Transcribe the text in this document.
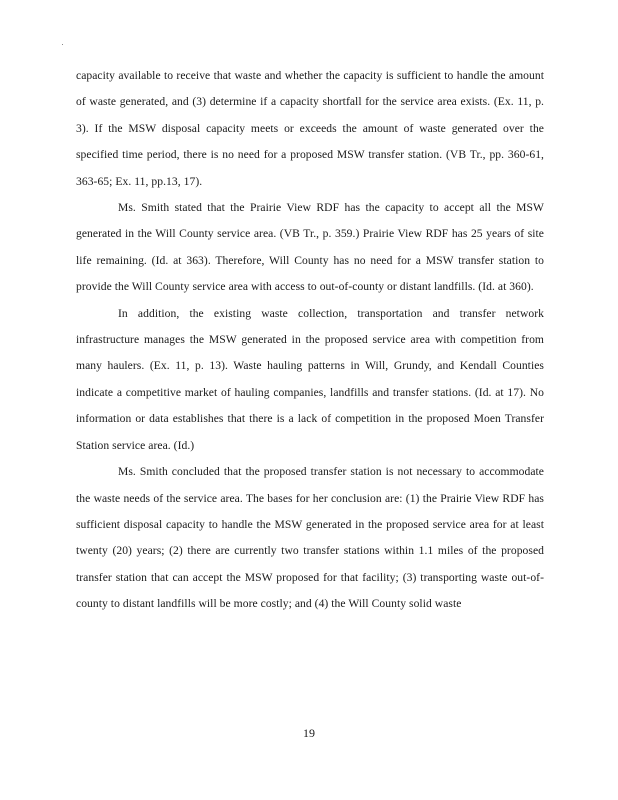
capacity available to receive that waste and whether the capacity is sufficient to handle the amount of waste generated, and (3) determine if a capacity shortfall for the service area exists. (Ex. 11, p. 3). If the MSW disposal capacity meets or exceeds the amount of waste generated over the specified time period, there is no need for a proposed MSW transfer station. (VB Tr., pp. 360-61, 363-65; Ex. 11, pp.13, 17).

Ms. Smith stated that the Prairie View RDF has the capacity to accept all the MSW generated in the Will County service area. (VB Tr., p. 359.) Prairie View RDF has 25 years of site life remaining. (Id. at 363). Therefore, Will County has no need for a MSW transfer station to provide the Will County service area with access to out-of-county or distant landfills. (Id. at 360).

In addition, the existing waste collection, transportation and transfer network infrastructure manages the MSW generated in the proposed service area with competition from many haulers. (Ex. 11, p. 13). Waste hauling patterns in Will, Grundy, and Kendall Counties indicate a competitive market of hauling companies, landfills and transfer stations. (Id. at 17). No information or data establishes that there is a lack of competition in the proposed Moen Transfer Station service area. (Id.)

Ms. Smith concluded that the proposed transfer station is not necessary to accommodate the waste needs of the service area. The bases for her conclusion are: (1) the Prairie View RDF has sufficient disposal capacity to handle the MSW generated in the proposed service area for at least twenty (20) years; (2) there are currently two transfer stations within 1.1 miles of the proposed transfer station that can accept the MSW proposed for that facility; (3) transporting waste out-of-county to distant landfills will be more costly; and (4) the Will County solid waste

19
